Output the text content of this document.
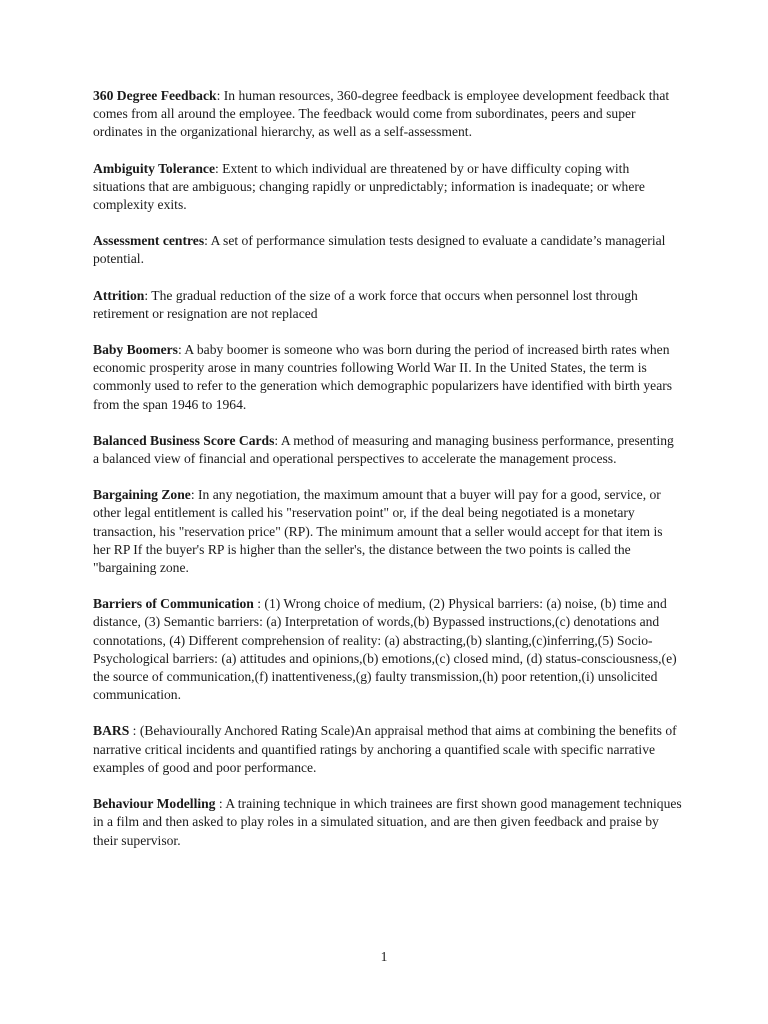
360 Degree Feedback: In human resources, 360-degree feedback is employee development feedback that comes from all around the employee. The feedback would come from subordinates, peers and super ordinates in the organizational hierarchy, as well as a self-assessment.

Ambiguity Tolerance: Extent to which individual are threatened by or have difficulty coping with situations that are ambiguous; changing rapidly or unpredictably; information is inadequate; or where complexity exits.

Assessment centres: A set of performance simulation tests designed to evaluate a candidate’s managerial potential.

Attrition: The gradual reduction of the size of a work force that occurs when personnel lost through retirement or resignation are not replaced

Baby Boomers: A baby boomer is someone who was born during the period of increased birth rates when economic prosperity arose in many countries following World War II. In the United States, the term is commonly used to refer to the generation which demographic popularizers have identified with birth years from the span 1946 to 1964.

Balanced Business Score Cards: A method of measuring and managing business performance, presenting a balanced view of financial and operational perspectives to accelerate the management process.

Bargaining Zone: In any negotiation, the maximum amount that a buyer will pay for a good, service, or other legal entitlement is called his "reservation point" or, if the deal being negotiated is a monetary transaction, his "reservation price" (RP). The minimum amount that a seller would accept for that item is her RP If the buyer's RP is higher than the seller's, the distance between the two points is called the "bargaining zone.

Barriers of Communication : (1) Wrong choice of medium, (2) Physical barriers: (a) noise, (b) time and distance, (3) Semantic barriers: (a) Interpretation of words,(b) Bypassed instructions,(c) denotations and connotations, (4) Different comprehension of reality: (a) abstracting,(b) slanting,(c)inferring,(5) Socio-Psychological barriers: (a) attitudes and opinions,(b) emotions,(c) closed mind, (d) status-consciousness,(e) the source of communication,(f) inattentiveness,(g) faulty transmission,(h) poor retention,(i) unsolicited communication.

BARS : (Behaviourally Anchored Rating Scale)An appraisal method that aims at combining the benefits of narrative critical incidents and quantified ratings by anchoring a quantified scale with specific narrative examples of good and poor performance.

Behaviour Modelling : A training technique in which trainees are first shown good management techniques in a film and then asked to play roles in a simulated situation, and are then given feedback and praise by their supervisor.

1
